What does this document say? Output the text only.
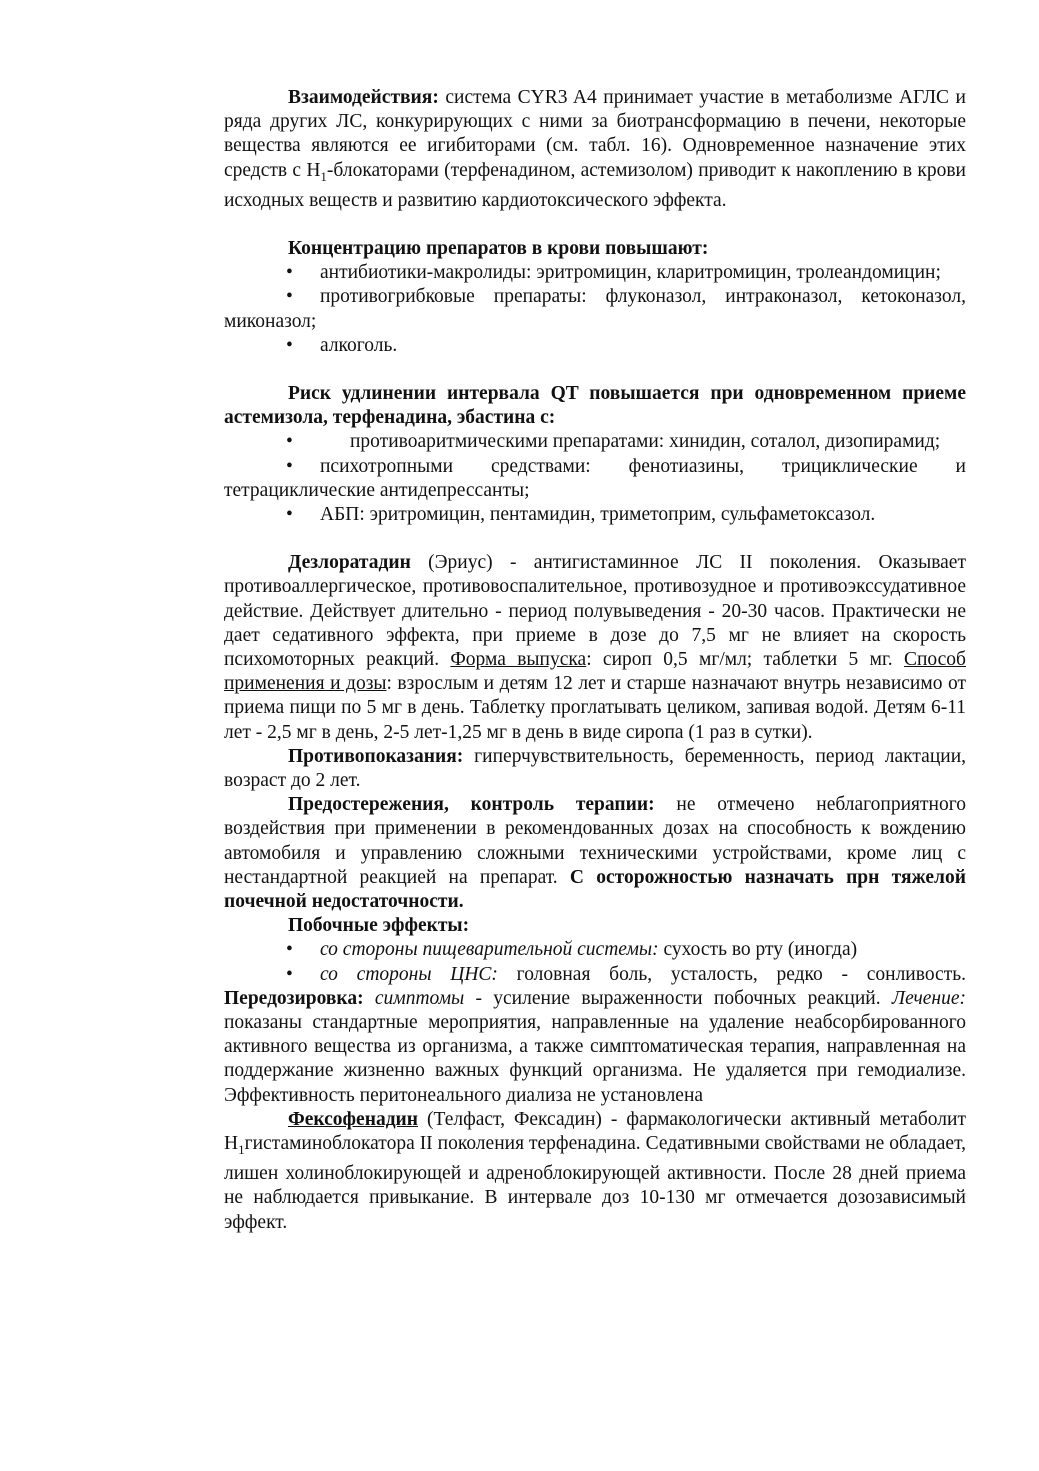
Взаимодействия: система CYR3 A4 принимает участие в метаболизме АГЛС и ряда других ЛС, конкурирующих с ними за биотрансформацию в печени, некоторые вещества являются ее игибиторами (см. табл. 16). Одновременное назначение этих средств с $H_1$-блокаторами (терфенадином, астемизолом) приводит к накоплению в крови исходных веществ и развитию кардиотоксического эффекта.

Концентрацию препаратов в крови повышают:

• антибиотики-макролиды: эритромицин, кларитромицин, тролеандомицин;

• противогрибковые препараты: флуконазол, интраконазол, кетоконазол, миконазол;

•	алкоголь.

Риск удлинении интервала QT повышается при одновременном приеме астемизола, терфенадина, эбастина с:

•	противоаритмическими препаратами: хинидин, соталол, дизопирамид;

• психотропными средствами: фенотиазины, трициклические и тетрациклические антидепрессанты;

•	АБП: эритромицин, пентамидин, триметоприм, сульфаметоксазол.

Дезлоратадин (Эриус) - антигистаминное ЛС II поколения. Оказывает противоаллергическое, противовоспалительное, противозудное и противоэкссудативное действие. Действует длительно - период полувыведения - 20-30 часов. Практически не дает седативного эффекта, при приеме в дозе до 7,5 мг не влияет на скорость психомоторных реакций. Форма выпуска: сироп 0,5 мг/мл; таблетки 5 мг. Способ применения и дозы: взрослым и детям 12 лет и старше назначают внутрь независимо от приема пищи по 5 мг в день. Таблетку проглатывать целиком, запивая водой. Детям 6-11 лет - 2,5 мг в день, 2-5 лет-1,25 мг в день в виде сиропа (1 раз в сутки).

Противопоказания: гиперчувствительность, беременность, период лактации, возраст до 2 лет.

Предостережения, контроль терапии: не отмечено неблагоприятного воздействия при применении в рекомендованных дозах на способность к вождению автомобиля и управлению сложными техническими устройствами, кроме лиц с нестандартной реакцией на препарат. С осторожностью назначать прн тяжелой почечной недостаточности.

Побочные эффекты:

•	со стороны пищеварительной системы: сухость во рту (иногда)

•	со стороны ЦНС: головная боль, усталость, редко - сонливость.

Передозировка: симптомы - усиление выраженности побочных реакций. Лечение: показаны стандартные мероприятия, направленные на удаление неабсорбированного активного вещества из организма, а также симптоматическая терапия, направленная на поддержание жизненно важных функций организма. Не удаляется при гемодиализе. Эффективность перитонеального диализа не установлена

Фексофенадин (Телфаст, Фексадин) - фармакологически активный метаболит $H_1гистаминоблокатора$ II поколения терфенадина. Седативными свойствами не обладает, лишен холиноблокирующей и адреноблокирующей активности. После 28 дней приема не наблюдается привыкание. В интервале доз 10-130 мг отмечается дозозависимый эффект.
